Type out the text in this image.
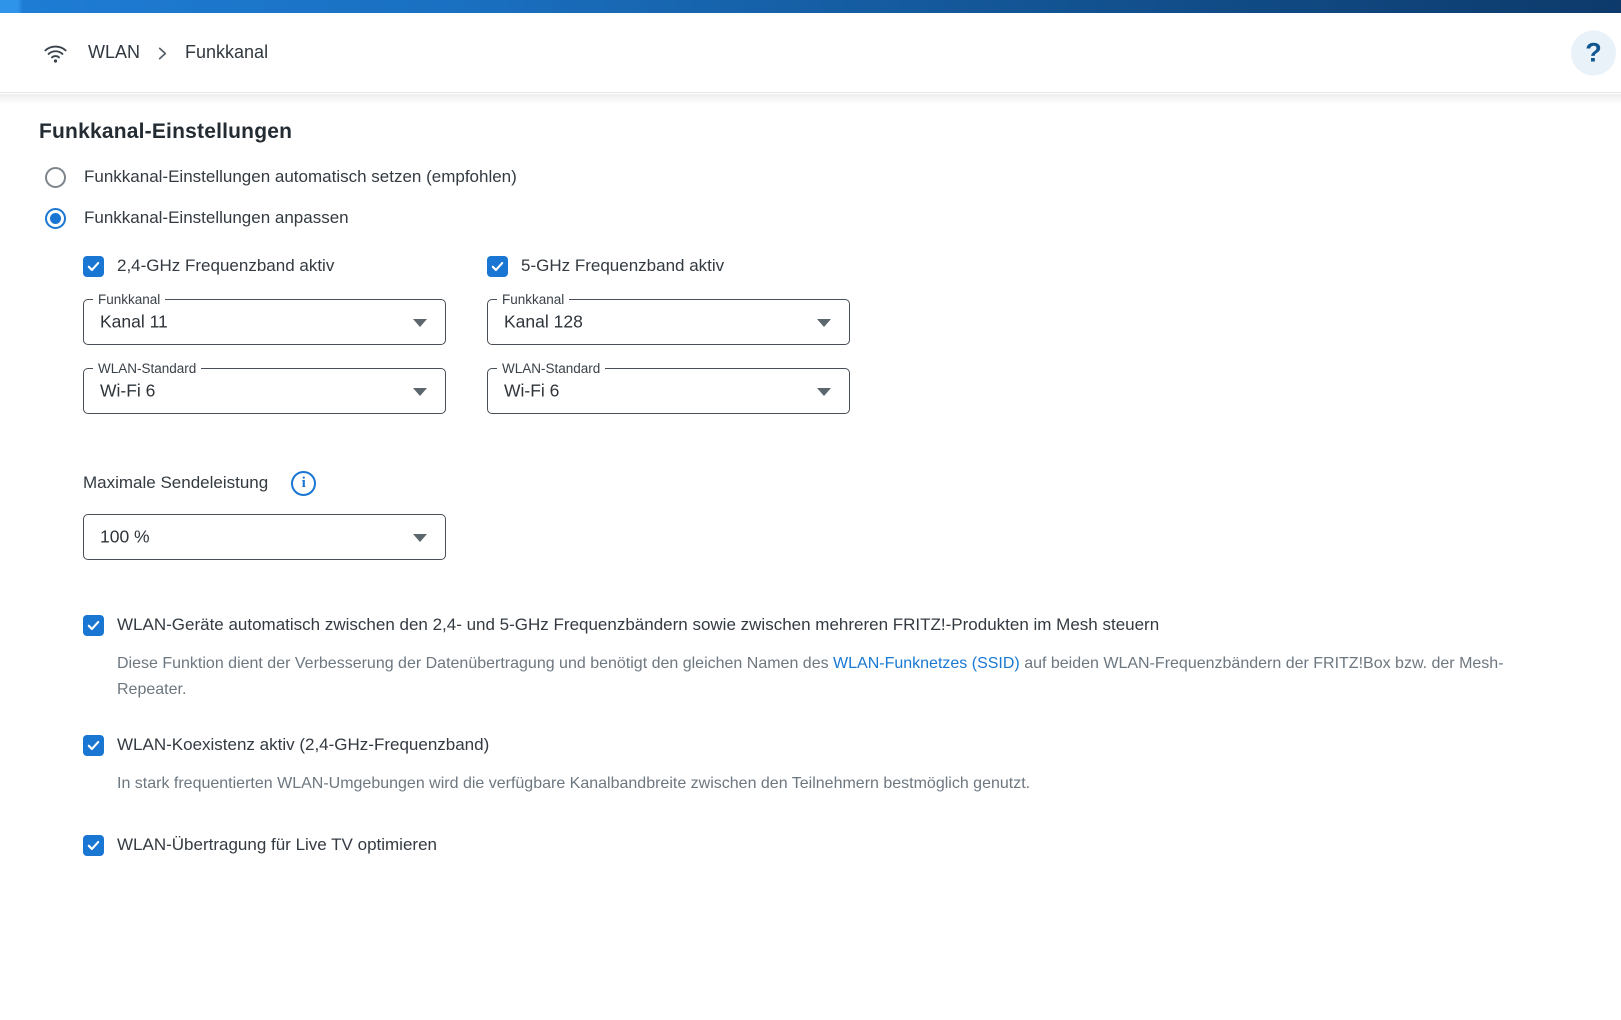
WLAN	Funkkanal	?
Funkkanal-Einstellungen
Funkkanal-Einstellungen automatisch setzen (empfohlen)
Funkkanal-Einstellungen anpassen
2,4-GHz Frequenzband aktiv
Funkkanal
Kanal 11
WLAN-Standard
Wi-Fi 6
5-GHz Frequenzband aktiv
Funkkanal
Kanal 128
WLAN-Standard
Wi-Fi 6
Maximale Sendeleistung i
100 %
WLAN-Geräte automatisch zwischen den 2,4- und 5-GHz Frequenzbändern sowie zwischen mehreren FRITZ!-Produkten im Mesh steuern

Diese Funktion dient der Verbesserung der Datenübertragung und benötigt den gleichen Namen des WLAN-Funknetzes (SSID) auf beiden WLAN-Frequenzbändern der FRITZ!Box bzw. der Mesh-Repeater.

WLAN-Koexistenz aktiv (2,4-GHz-Frequenzband)

In stark frequentierten WLAN-Umgebungen wird die verfügbare Kanalbandbreite zwischen den Teilnehmern bestmöglich genutzt.

WLAN-Übertragung für Live TV optimieren
